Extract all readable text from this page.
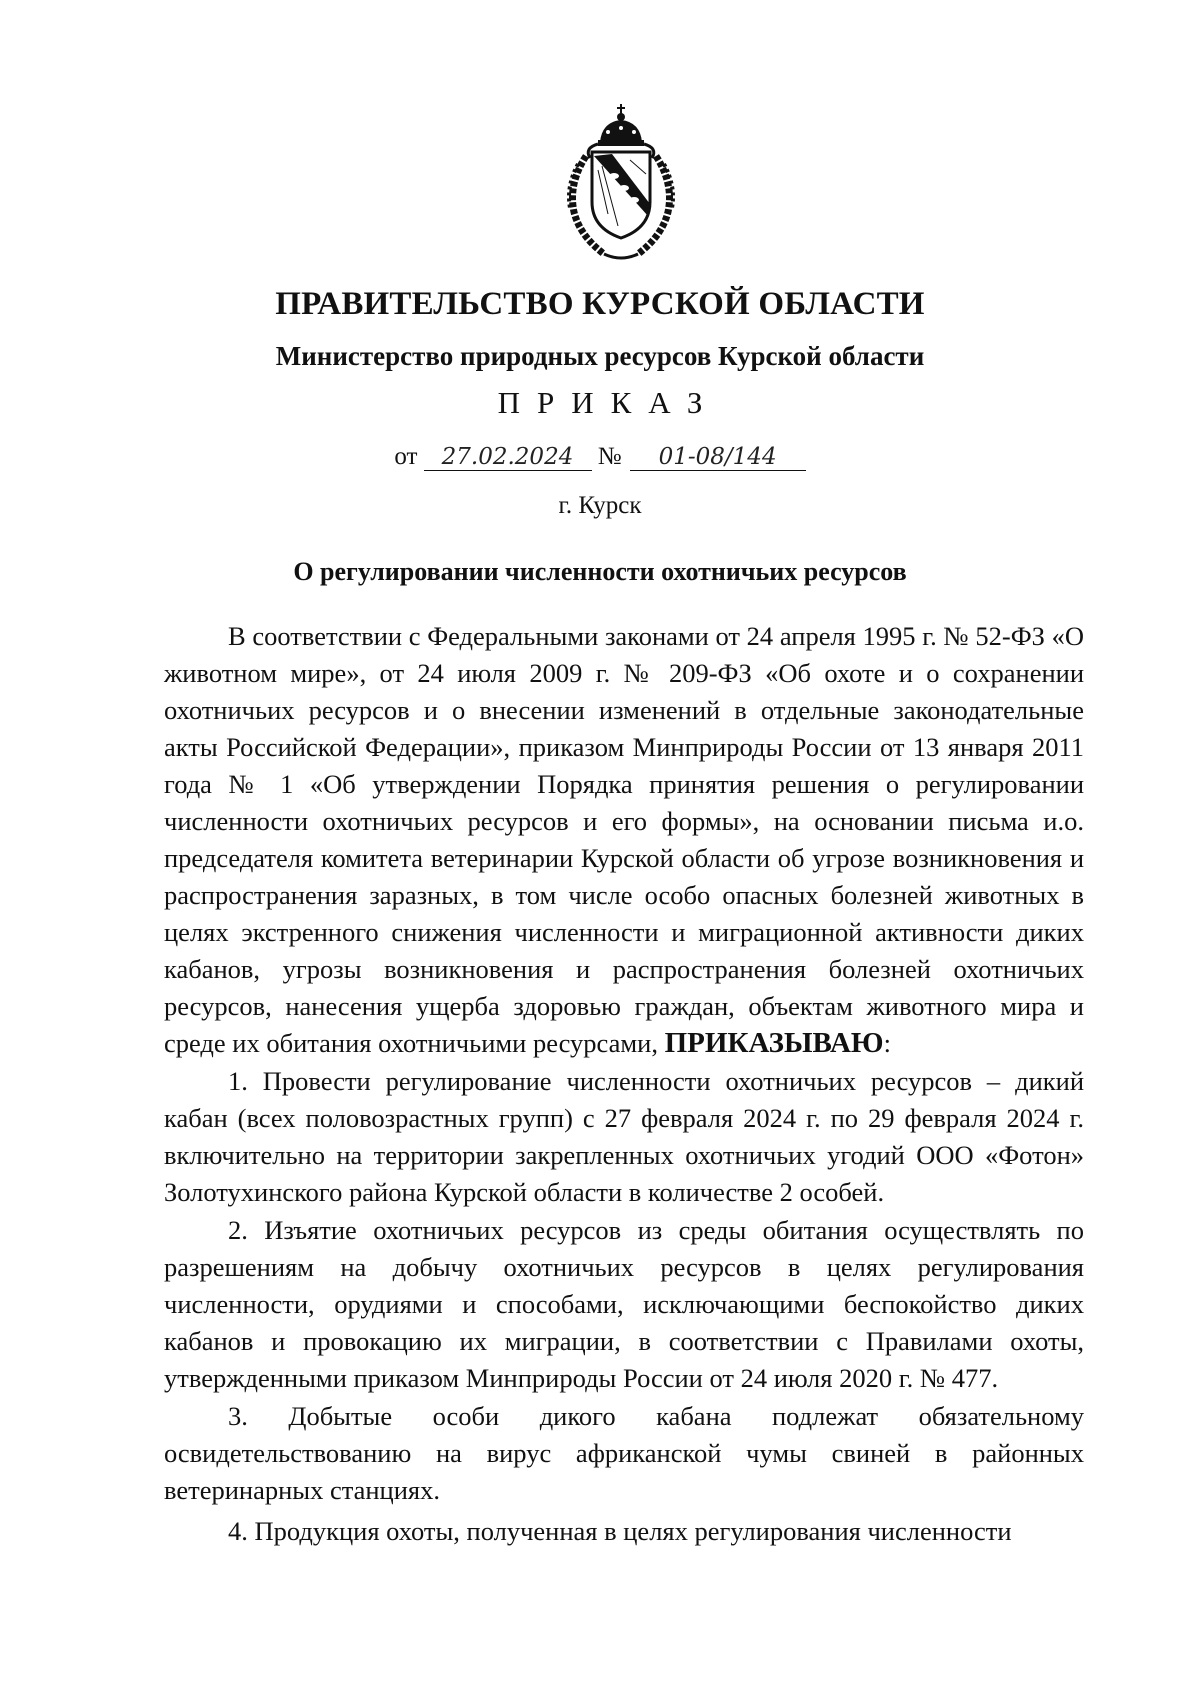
ПРАВИТЕЛЬСТВО КУРСКОЙ ОБЛАСТИ
Министерство природных ресурсов Курской области
ПРИКАЗ
от 27.02.2024 № 01-08/144
г. Курск
О регулировании численности охотничьих ресурсов

В соответствии с Федеральными законами от 24 апреля 1995 г. № 52-ФЗ «О животном мире», от 24 июля 2009 г. № 209-ФЗ «Об охоте и о сохранении охотничьих ресурсов и о внесении изменений в отдельные законодательные акты Российской Федерации», приказом Минприроды России от 13 января 2011 года № 1 «Об утверждении Порядка принятия решения о регулировании численности охотничьих ресурсов и его формы», на основании письма и.о. председателя комитета ветеринарии Курской области об угрозе возникновения и распространения заразных, в том числе особо опасных болезней животных в целях экстренного снижения численности и миграционной активности диких кабанов, угрозы возникновения и распространения болезней охотничьих ресурсов, нанесения ущерба здоровью граждан, объектам животного мира и среде их обитания охотничьими ресурсами, ПРИКАЗЫВАЮ:

1. Провести регулирование численности охотничьих ресурсов – дикий кабан (всех половозрастных групп) с 27 февраля 2024 г. по 29 февраля 2024 г. включительно на территории закрепленных охотничьих угодий ООО «Фотон» Золотухинского района Курской области в количестве 2 особей.

2. Изъятие охотничьих ресурсов из среды обитания осуществлять по разрешениям на добычу охотничьих ресурсов в целях регулирования численности, орудиями и способами, исключающими беспокойство диких кабанов и провокацию их миграции, в соответствии с Правилами охоты, утвержденными приказом Минприроды России от 24 июля 2020 г. № 477.

3. Добытые особи дикого кабана подлежат обязательному освидетельствованию на вирус африканской чумы свиней в районных ветеринарных станциях.

4. Продукция охоты, полученная в целях регулирования численности
